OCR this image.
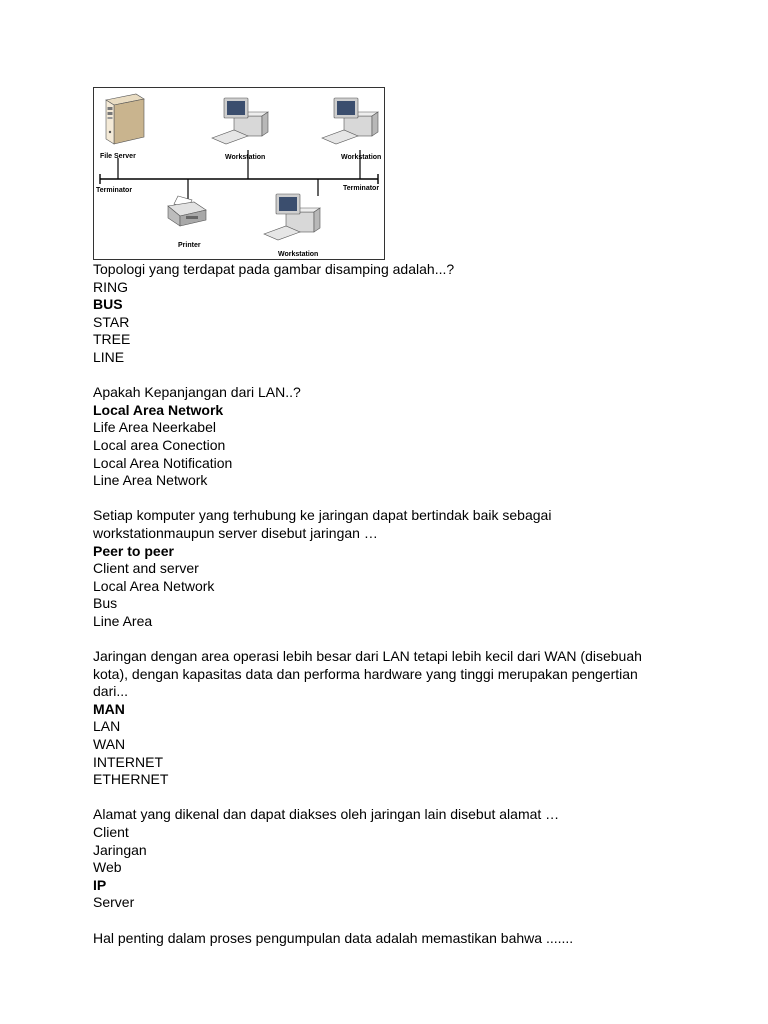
File Server	Workstation	Workstation
Terminator	Terminator
Printer
Workstation
Topologi yang terdapat pada gambar disamping adalah...?
RING
BUS
STAR
TREE
LINE
Apakah Kepanjangan dari LAN..?
Local Area Network
Life Area Neerkabel
Local area Conection
Local Area Notification
Line Area Network
Setiap komputer yang terhubung ke jaringan dapat bertindak baik sebagai
workstationmaupun server disebut jaringan …
Peer to peer
Client and server
Local Area Network
Bus
Line Area
Jaringan dengan area operasi lebih besar dari LAN tetapi lebih kecil dari WAN (disebuah
kota), dengan kapasitas data dan performa hardware yang tinggi merupakan pengertian
dari...
MAN
LAN
WAN
INTERNET
ETHERNET
Alamat yang dikenal dan dapat diakses oleh jaringan lain disebut alamat …
Client
Jaringan
Web
IP
Server
Hal penting dalam proses pengumpulan data adalah memastikan bahwa .......
